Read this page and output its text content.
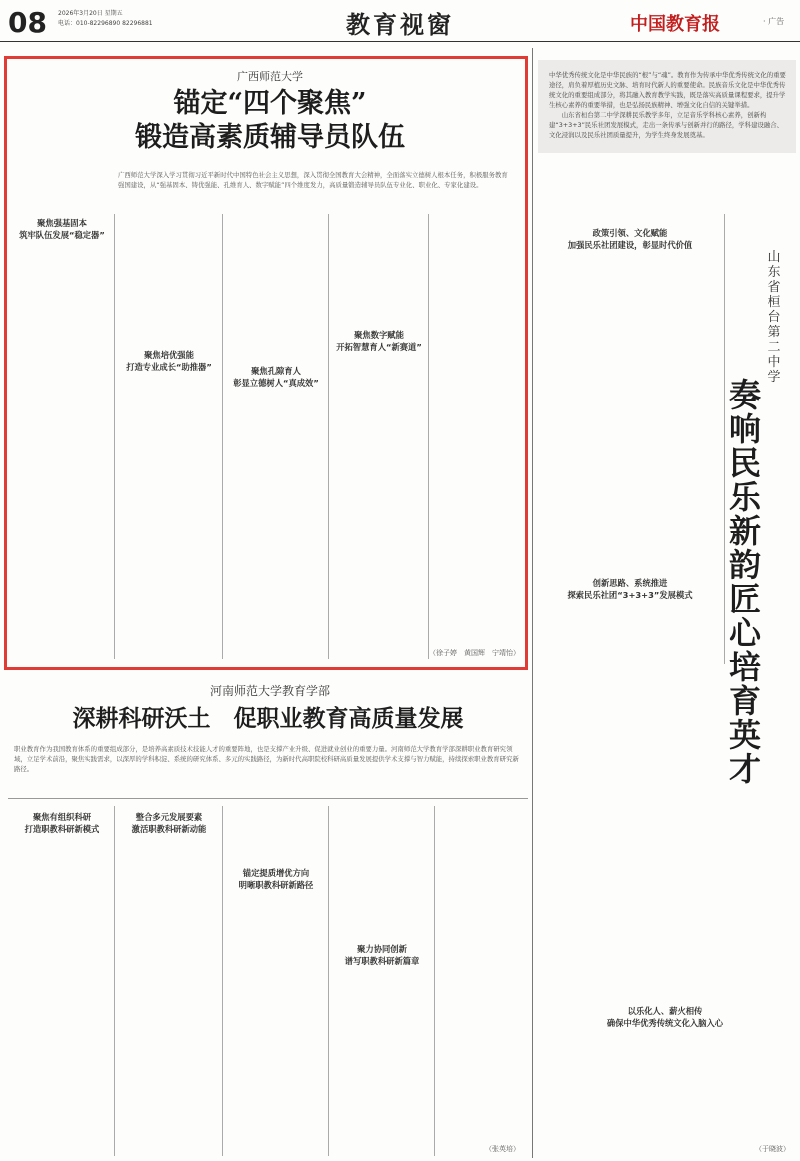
08 2026年3月20日 星期五
电话：010-82296890 82296881	教育视窗	中国教育报	· 广告
广西师范大学
锚定“四个聚焦”
锻造高素质辅导员队伍
广西师范大学深入学习贯彻习近平新时代中国特色社会主义思想，深入贯彻全国教育大会精神，全面落实立德树人根本任务，积极服务教育强国建设，从“强基固本、铸优强能、孔维育人、数字赋能”四个维度发力，高质量锻造辅导员队伍专业化、职业化、专家化建设。
聚焦强基固本
筑牢队伍发展“稳定器”
聚焦培优强能
打造专业成长“助推器”	聚焦孔隙育人
彰显立德树人“真成效”
聚焦数字赋能
开拓智慧育人“新赛道”
（徐子婷　黄国辉　宁靖怡）
河南师范大学教育学部
深耕科研沃土　促职业教育高质量发展
职业教育作为我国教育体系的重要组成部分，是培养高素质技术技能人才的重要阵地，也是支撑产业升级、促进就业创业的重要力量。河南师范大学教育学部深耕职业教育研究领域，立足学术前沿，聚焦实践需求，以深厚的学科积淀、系统的研究体系、多元的实践路径，为新时代高职院校科研高质量发展提供学术支撑与智力赋能，持续探索职业教育研究新路径。
聚焦有组织科研
打造职教科研新模式
整合多元发展要素
激活职教科研新动能
锚定提质增优方向
明晰职教科研新路径
聚力协同创新
谱写职教科研新篇章
（张英培）
中华优秀传统文化是中华民族的“根”与“魂”。教育作为传承中华优秀传统文化的重要途径，肩负着厚植历史文脉、培育时代新人的重要使命。民族音乐文化是中华优秀传统文化的重要组成部分，将其融入教育教学实践，既是落实高质量课程要求，提升学生核心素养的重要举措，也是弘扬民族精神、增强文化自信的关键举措。
　　山东省桓台第二中学深耕民乐教学多年，立足音乐学科核心素养，创新构建“3+3+3”民乐社团发展模式，走出一条传承与创新并行的路径，学科建设融合、文化浸润以及民乐社团质量提升，为学生终身发展奠基。
政策引领、文化赋能
加强民乐社团建设，彰显时代价值
山东省桓台第二中学
奏响民乐新韵　匠心培育英才
创新思路、系统推进
探索民乐社团“3+3+3”发展模式
以乐化人、薪火相传
确保中华优秀传统文化入脑入心
（于晓波）
